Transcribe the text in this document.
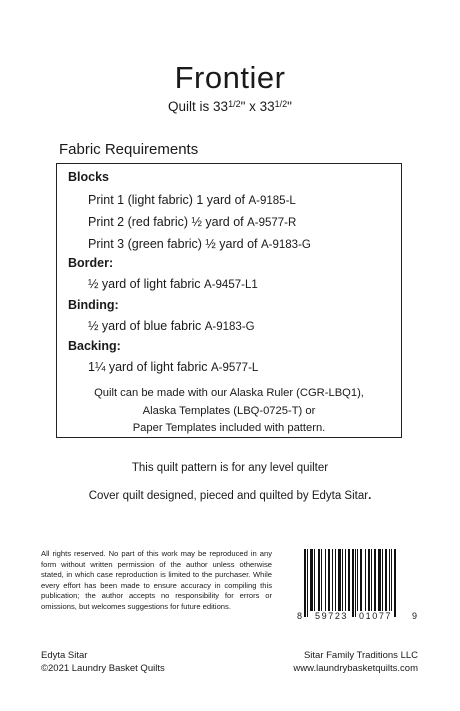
Frontier
Quilt is $33^{1/2}$" x $33^{1/2}$"
Fabric Requirements
Blocks
Print 1 (light fabric) 1 yard of A-9185-L
Print 2 (red fabric) ½ yard of A-9577-R
Print 3 (green fabric) ½ yard of A-9183-G
Border:
½ yard of light fabric A-9457-L1
Binding:
½ yard of blue fabric A-9183-G
Backing:
1¼ yard of light fabric A-9577-L
Quilt can be made with our Alaska Ruler (CGR-LBQ1),
Alaska Templates (LBQ-0725-T) or
Paper Templates included with pattern.
This quilt pattern is for any level quilter
Cover quilt designed, pieced and quilted by Edyta Sitar.
All rights reserved. No part of this work may be reproduced in any form without written permission of the author unless otherwise stated, in which case reproduction is limited to the purchaser. While every effort has been made to ensure accuracy in compiling this publication; the author accepts no responsibility for errors or omissions, but welcomes suggestions for future editions.
8 59723 01077 9
Edyta Sitar
©2021 Laundry Basket Quilts
Sitar Family Traditions LLC
www.laundrybasketquilts.com
